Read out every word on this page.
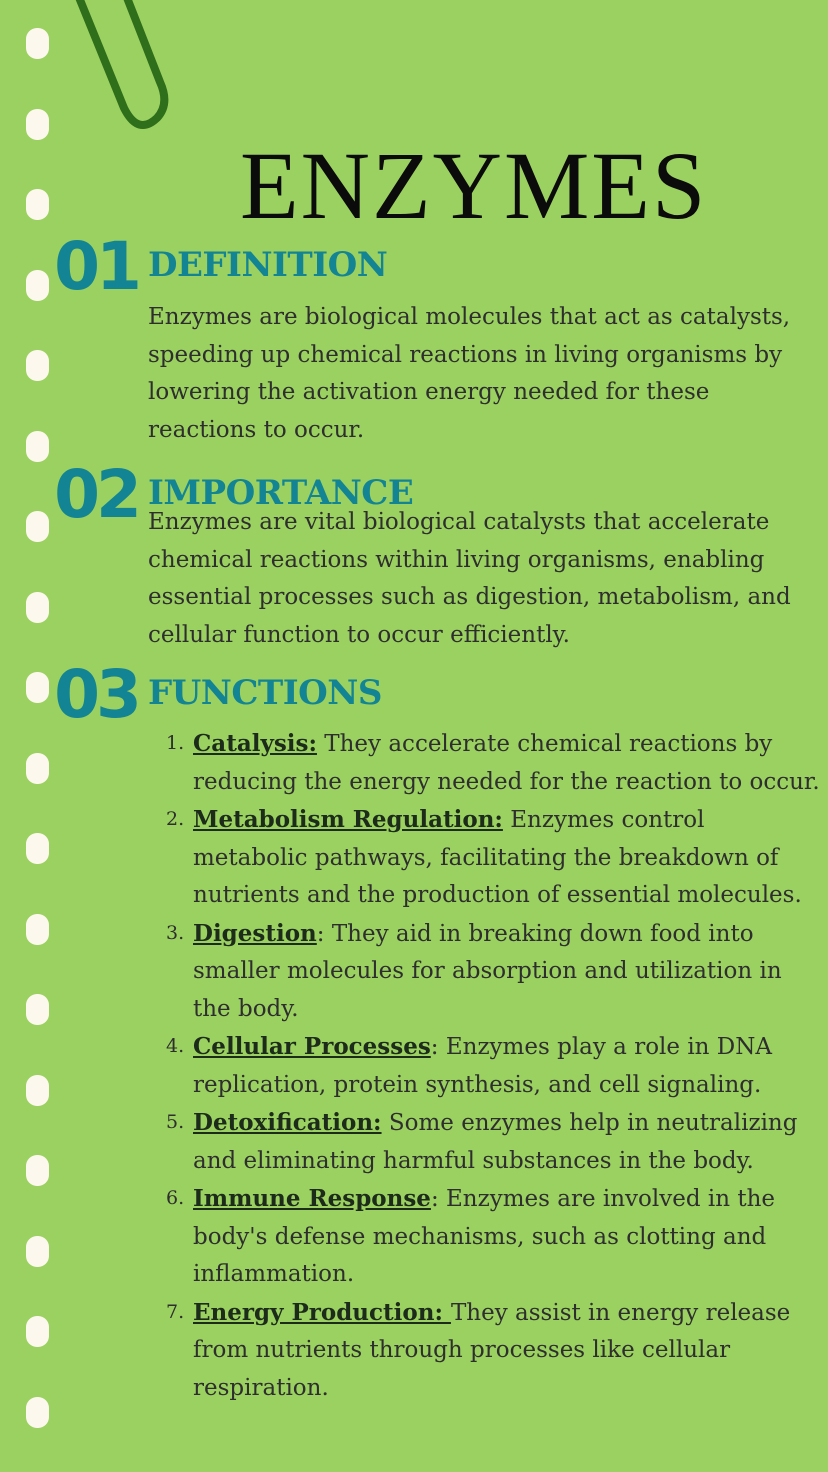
ENZYMES
01 DEFINITION
Enzymes are biological molecules that act as catalysts, speeding up chemical reactions in living organisms by lowering the activation energy needed for these reactions to occur.
02 IMPORTANCE
Enzymes are vital biological catalysts that accelerate chemical reactions within living organisms, enabling essential processes such as digestion, metabolism, and cellular function to occur efficiently.
03 FUNCTIONS
1. Catalysis: They accelerate chemical reactions by reducing the energy needed for the reaction to occur.
2. Metabolism Regulation: Enzymes control metabolic pathways, facilitating the breakdown of nutrients and the production of essential molecules.
3. Digestion: They aid in breaking down food into smaller molecules for absorption and utilization in the body.
4. Cellular Processes: Enzymes play a role in DNA replication, protein synthesis, and cell signaling.
5. Detoxification: Some enzymes help in neutralizing and eliminating harmful substances in the body.
6. Immune Response: Enzymes are involved in the body's defense mechanisms, such as clotting and inflammation.
7. Energy Production: They assist in energy release from nutrients through processes like cellular respiration.
